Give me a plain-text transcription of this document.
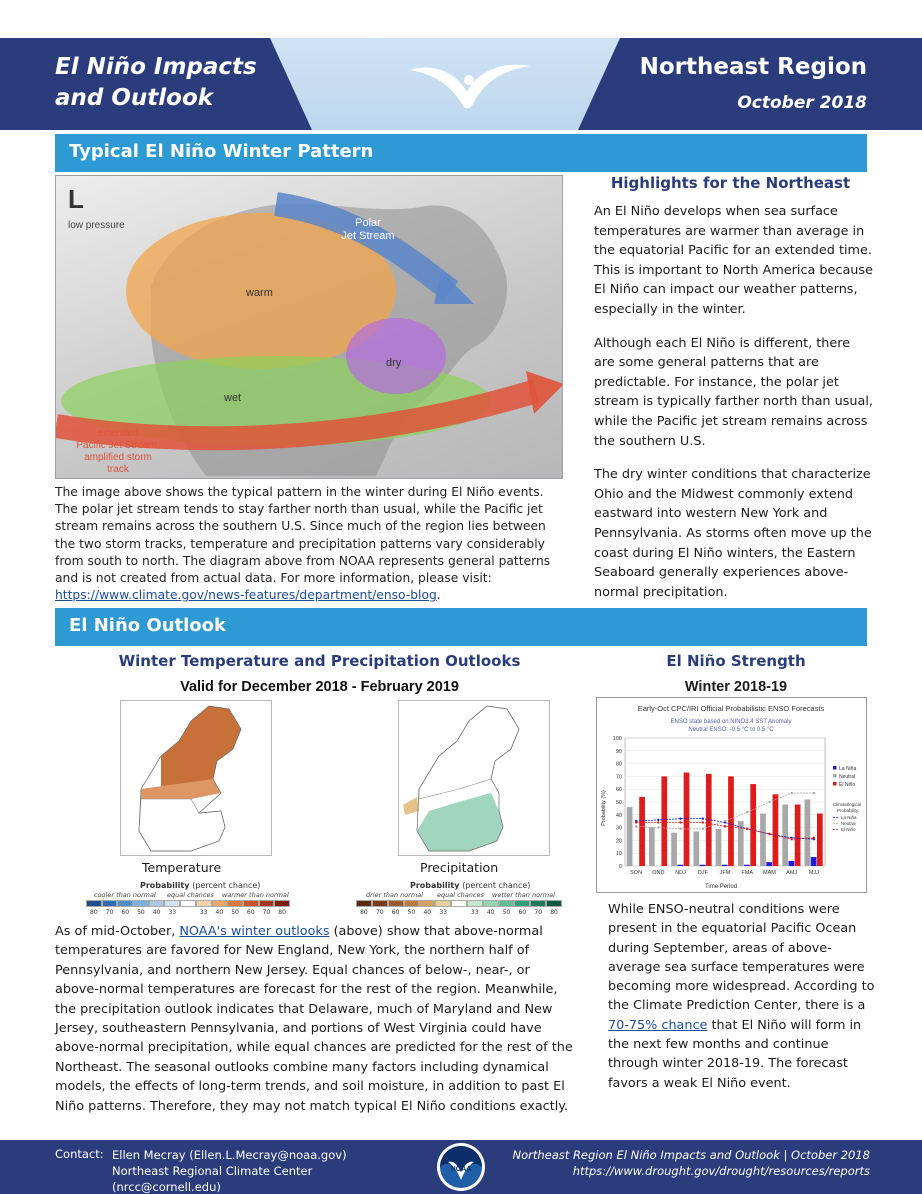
El Niño Impacts
and Outlook
Northeast Region
October 2018
Typical El Niño Winter Pattern
L
low pressure	Polar
Jet Stream
warm
dry
wet
extended
Pacific Jet Stream,
amplified storm
track
The image above shows the typical pattern in the winter during El Niño events. The polar jet stream tends to stay farther north than usual, while the Pacific jet stream remains across the southern U.S. Since much of the region lies between the two storm tracks, temperature and precipitation patterns vary considerably from south to north. The diagram above from NOAA represents general patterns and is not created from actual data. For more information, please visit: https://www.climate.gov/news-features/department/enso-blog.
Highlights for the Northeast

An El Niño develops when sea surface temperatures are warmer than average in the equatorial Pacific for an extended time. This is important to North America because El Niño can impact our weather patterns, especially in the winter.

Although each El Niño is different, there are some general patterns that are predictable. For instance, the polar jet stream is typically farther north than usual, while the Pacific jet stream remains across the southern U.S.

The dry winter conditions that characterize Ohio and the Midwest commonly extend eastward into western New York and Pennsylvania. As storms often move up the coast during El Niño winters, the Eastern Seaboard generally experiences above-normal precipitation.

El Niño Outlook
Winter Temperature and Precipitation Outlooks
Valid for December 2018 - February 2019
Temperature	Precipitation
Probability (percent chance)
cooler than normal equal chances warmer than normal
80	70	60	50	40	33	33	40	50	60	70	80
Probability (percent chance)
drier than normal equal chances wetter than normal
80	70	60	50	40	33	33	40	50	60	70	80
As of mid-October, NOAA's winter outlooks (above) show that above-normal temperatures are favored for New England, New York, the northern half of Pennsylvania, and northern New Jersey. Equal chances of below-, near-, or above-normal temperatures are forecast for the rest of the region. Meanwhile, the precipitation outlook indicates that Delaware, much of Maryland and New Jersey, southeastern Pennsylvania, and portions of West Virginia could have above-normal precipitation, while equal chances are predicted for the rest of the Northeast. The seasonal outlooks combine many factors including dynamical models, the effects of long-term trends, and soil moisture, in addition to past El Niño patterns. Therefore, they may not match typical El Niño conditions exactly.
El Niño Strength
Winter 2018-19
Early-Oct CPC/IRI Official Probabilistic ENSO Forecasts
ENSO state based on NINO3.4 SST Anomaly
Neutral ENSO: -0.5 °C to 0.5 °C
Probability (%)
Time Period
0
10
20
30
40
50
60
70
80
90
100
SON OND NDJ DJF JFM FMA MAM AMJ MJJ
La Niña
Neutral
El Niño
Climatological
Probability:
La Niña
Neutral
El Niño
While ENSO-neutral conditions were present in the equatorial Pacific Ocean during September, areas of above-average sea surface temperatures were becoming more widespread. According to the Climate Prediction Center, there is a 70-75% chance that El Niño will form in the next few months and continue through winter 2018-19. The forecast favors a weak El Niño event.
Contact: Ellen Mecray (Ellen.L.Mecray@noaa.gov)
Northeast Regional Climate Center
(nrcc@cornell.edu)
Northeast Region El Niño Impacts and Outlook | October 2018
https://www.drought.gov/drought/resources/reports
NOAA
